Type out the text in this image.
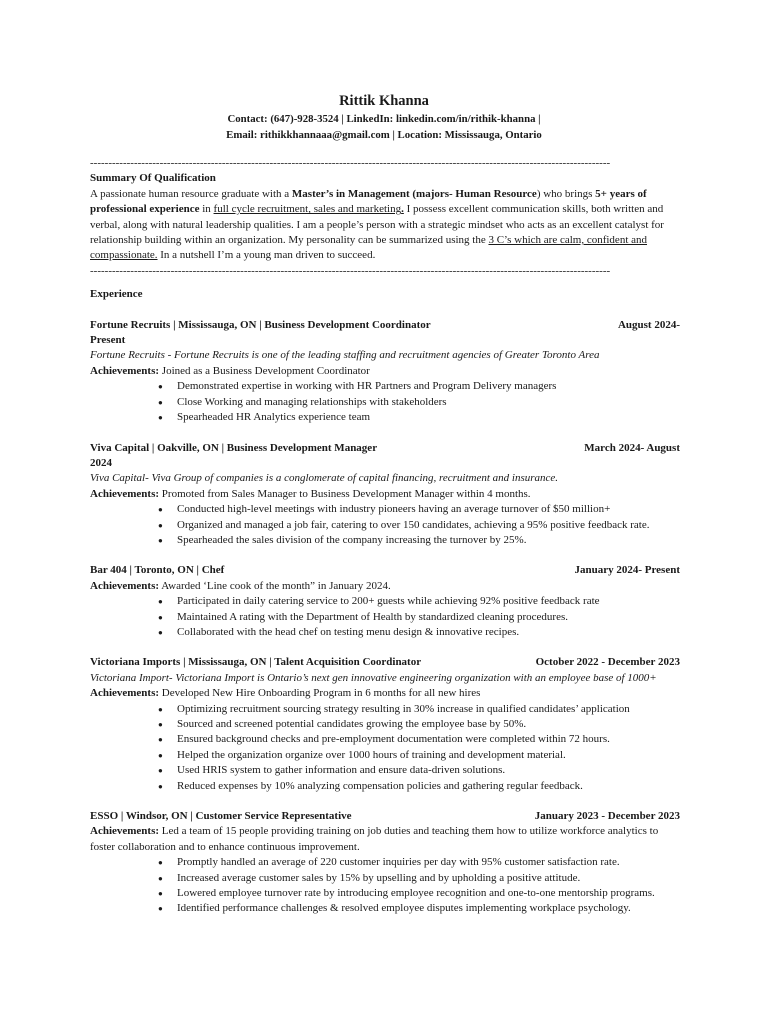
Rittik Khanna
Contact: (647)-928-3524 | LinkedIn: linkedin.com/in/rithik-khanna |
Email: rithikkhannaaa@gmail.com | Location: Mississauga, Ontario
----------------------------------------------------------------------------------------------------------------------------------------------
Summary Of Qualification
A passionate human resource graduate with a Master’s in Management (majors- Human Resource) who brings 5+ years of professional experience in full cycle recruitment, sales and marketing. I possess excellent communication skills, both written and verbal, along with natural leadership qualities. I am a people’s person with a strategic mindset who acts as an excellent catalyst for relationship building within an organization. My personality can be summarized using the 3 C’s which are calm, confident and compassionate. In a nutshell I’m a young man driven to succeed.
----------------------------------------------------------------------------------------------------------------------------------------------
Experience
Fortune Recruits | Mississauga, ON | Business Development Coordinator	August 2024-
Present
Fortune Recruits - Fortune Recruits is one of the leading staffing and recruitment agencies of Greater Toronto Area
Achievements: Joined as a Business Development Coordinator
● Demonstrated expertise in working with HR Partners and Program Delivery managers
● Close Working and managing relationships with stakeholders
● Spearheaded HR Analytics experience team
Viva Capital | Oakville, ON | Business Development Manager	March 2024- August
2024
Viva Capital- Viva Group of companies is a conglomerate of capital financing, recruitment and insurance.
Achievements: Promoted from Sales Manager to Business Development Manager within 4 months.
● Conducted high-level meetings with industry pioneers having an average turnover of $50 million+
● Organized and managed a job fair, catering to over 150 candidates, achieving a 95% positive feedback rate.
● Spearheaded the sales division of the company increasing the turnover by 25%.
Bar 404 | Toronto, ON | Chef	January 2024- Present
Achievements: Awarded ‘Line cook of the month” in January 2024.
● Participated in daily catering service to 200+ guests while achieving 92% positive feedback rate
● Maintained A rating with the Department of Health by standardized cleaning procedures.
● Collaborated with the head chef on testing menu design & innovative recipes.
Victoriana Imports | Mississauga, ON | Talent Acquisition Coordinator	October 2022 - December 2023
Victoriana Import- Victoriana Import is Ontario’s next gen innovative engineering organization with an employee base of 1000+
Achievements: Developed New Hire Onboarding Program in 6 months for all new hires
● Optimizing recruitment sourcing strategy resulting in 30% increase in qualified candidates’ application
● Sourced and screened potential candidates growing the employee base by 50%.
● Ensured background checks and pre-employment documentation were completed within 72 hours.
● Helped the organization organize over 1000 hours of training and development material.
● Used HRIS system to gather information and ensure data-driven solutions.
● Reduced expenses by 10% analyzing compensation policies and gathering regular feedback.
ESSO | Windsor, ON | Customer Service Representative	January 2023 - December 2023
Achievements: Led a team of 15 people providing training on job duties and teaching them how to utilize workforce analytics to foster collaboration and to enhance continuous improvement.
● Promptly handled an average of 220 customer inquiries per day with 95% customer satisfaction rate.
● Increased average customer sales by 15% by upselling and by upholding a positive attitude.
● Lowered employee turnover rate by introducing employee recognition and one-to-one mentorship programs.
● Identified performance challenges & resolved employee disputes implementing workplace psychology.
